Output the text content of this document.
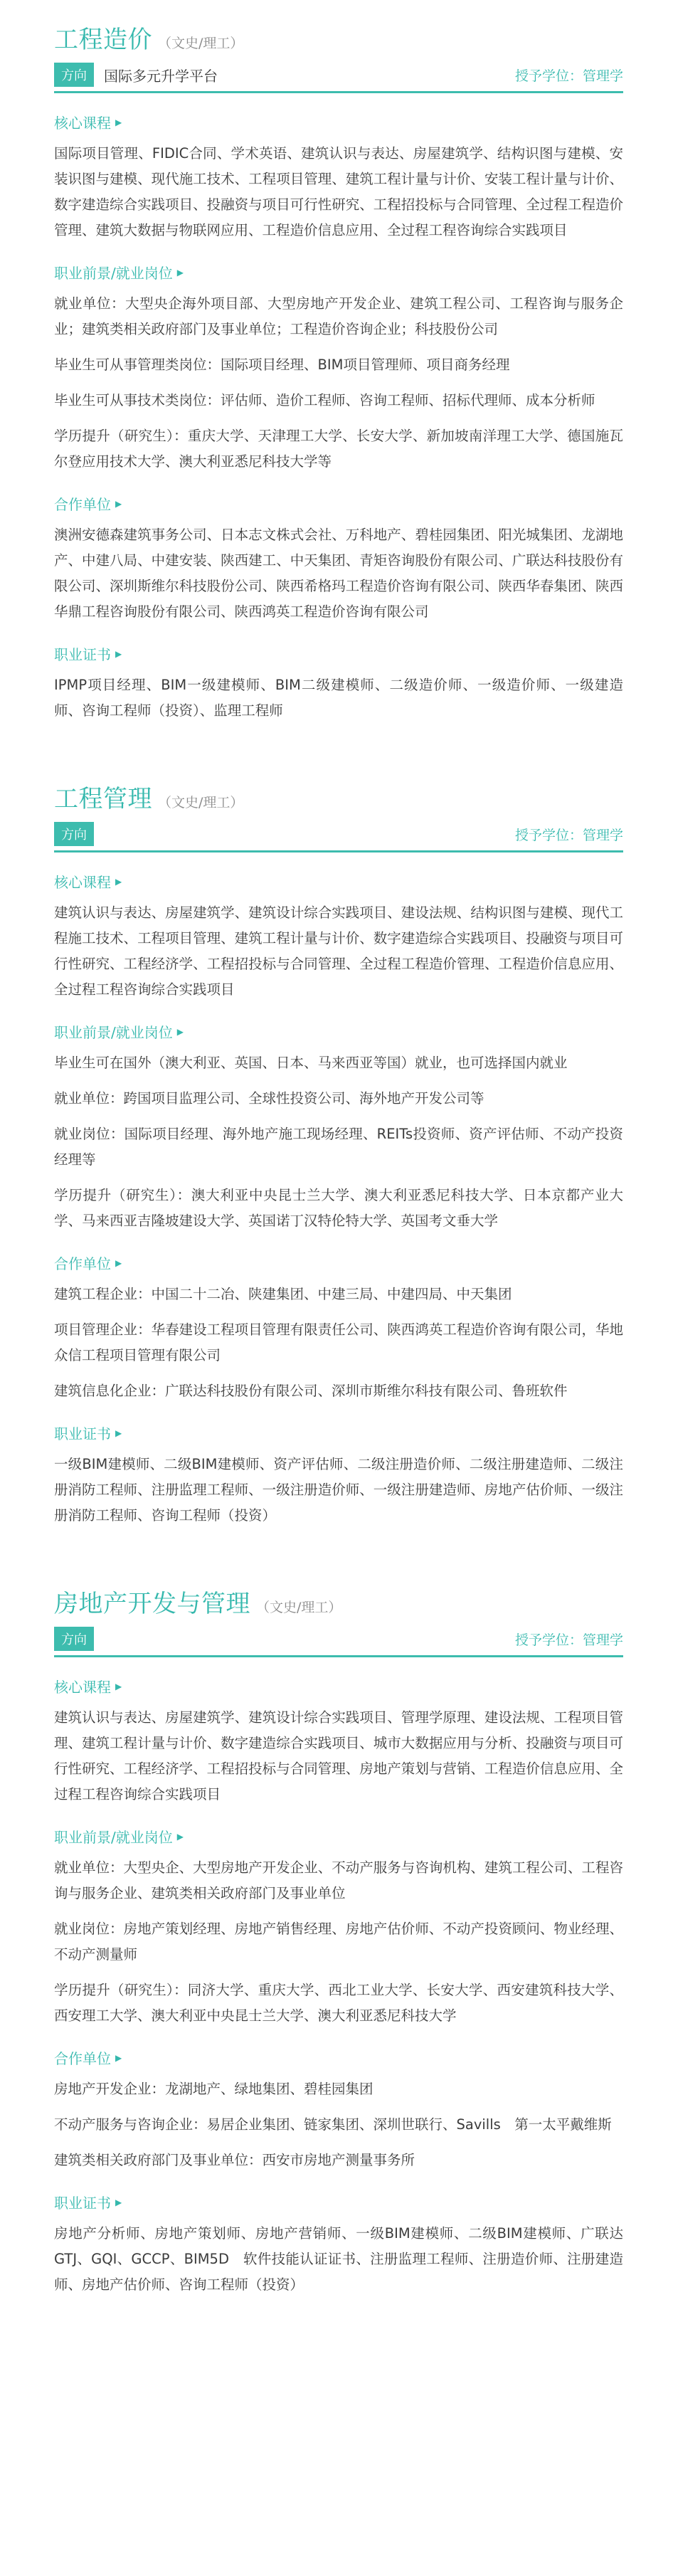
工程造价 （文史/理工）
方向	国际多元升学平台	授予学位：管理学
核心课程 ▶

国际项目管理、FIDIC合同、学术英语、建筑认识与表达、房屋建筑学、结构识图与建模、安装识图与建模、现代施工技术、工程项目管理、建筑工程计量与计价、安装工程计量与计价、数字建造综合实践项目、投融资与项目可行性研究、工程招投标与合同管理、全过程工程造价管理、建筑大数据与物联网应用、工程造价信息应用、全过程工程咨询综合实践项目

职业前景/就业岗位 ▶

就业单位：大型央企海外项目部、大型房地产开发企业、建筑工程公司、工程咨询与服务企业；建筑类相关政府部门及事业单位；工程造价咨询企业；科技股份公司

毕业生可从事管理类岗位：国际项目经理、BIM项目管理师、项目商务经理

毕业生可从事技术类岗位：评估师、造价工程师、咨询工程师、招标代理师、成本分析师

学历提升（研究生）：重庆大学、天津理工大学、长安大学、新加坡南洋理工大学、德国施瓦尔登应用技术大学、澳大利亚悉尼科技大学等

合作单位 ▶

澳洲安德森建筑事务公司、日本志文株式会社、万科地产、碧桂园集团、阳光城集团、龙湖地产、中建八局、中建安装、陕西建工、中天集团、青矩咨询股份有限公司、广联达科技股份有限公司、深圳斯维尔科技股份公司、陕西希格玛工程造价咨询有限公司、陕西华春集团、陕西华鼎工程咨询股份有限公司、陕西鸿英工程造价咨询有限公司

职业证书 ▶

IPMP项目经理、BIM一级建模师、BIM二级建模师、二级造价师、一级造价师、一级建造师、咨询工程师（投资）、监理工程师

工程管理 （文史/理工）
方向	授予学位：管理学
核心课程 ▶

建筑认识与表达、房屋建筑学、建筑设计综合实践项目、建设法规、结构识图与建模、现代工程施工技术、工程项目管理、建筑工程计量与计价、数字建造综合实践项目、投融资与项目可行性研究、工程经济学、工程招投标与合同管理、全过程工程造价管理、工程造价信息应用、全过程工程咨询综合实践项目

职业前景/就业岗位 ▶

毕业生可在国外（澳大利亚、英国、日本、马来西亚等国）就业，也可选择国内就业

就业单位：跨国项目监理公司、全球性投资公司、海外地产开发公司等

就业岗位：国际项目经理、海外地产施工现场经理、REITs投资师、资产评估师、不动产投资经理等

学历提升（研究生）：澳大利亚中央昆士兰大学、澳大利亚悉尼科技大学、日本京都产业大学、马来西亚吉隆坡建设大学、英国诺丁汉特伦特大学、英国考文垂大学

合作单位 ▶

建筑工程企业：中国二十二冶、陕建集团、中建三局、中建四局、中天集团

项目管理企业：华春建设工程项目管理有限责任公司、陕西鸿英工程造价咨询有限公司，华地众信工程项目管理有限公司

建筑信息化企业：广联达科技股份有限公司、深圳市斯维尔科技有限公司、鲁班软件

职业证书 ▶

一级BIM建模师、二级BIM建模师、资产评估师、二级注册造价师、二级注册建造师、二级注册消防工程师、注册监理工程师、一级注册造价师、一级注册建造师、房地产估价师、一级注册消防工程师、咨询工程师（投资）

房地产开发与管理 （文史/理工）
方向	授予学位：管理学
核心课程 ▶

建筑认识与表达、房屋建筑学、建筑设计综合实践项目、管理学原理、建设法规、工程项目管理、建筑工程计量与计价、数字建造综合实践项目、城市大数据应用与分析、投融资与项目可行性研究、工程经济学、工程招投标与合同管理、房地产策划与营销、工程造价信息应用、全过程工程咨询综合实践项目

职业前景/就业岗位 ▶

就业单位：大型央企、大型房地产开发企业、不动产服务与咨询机构、建筑工程公司、工程咨询与服务企业、建筑类相关政府部门及事业单位

就业岗位：房地产策划经理、房地产销售经理、房地产估价师、不动产投资顾问、物业经理、不动产测量师

学历提升（研究生）：同济大学、重庆大学、西北工业大学、长安大学、西安建筑科技大学、西安理工大学、澳大利亚中央昆士兰大学、澳大利亚悉尼科技大学

合作单位 ▶

房地产开发企业：龙湖地产、绿地集团、碧桂园集团

不动产服务与咨询企业：易居企业集团、链家集团、深圳世联行、Savills　第一太平戴维斯

建筑类相关政府部门及事业单位：西安市房地产测量事务所

职业证书 ▶

房地产分析师、房地产策划师、房地产营销师、一级BIM建模师、二级BIM建模师、广联达GTJ、GQI、GCCP、BIM5D　软件技能认证证书、注册监理工程师、注册造价师、注册建造师、房地产估价师、咨询工程师（投资）
